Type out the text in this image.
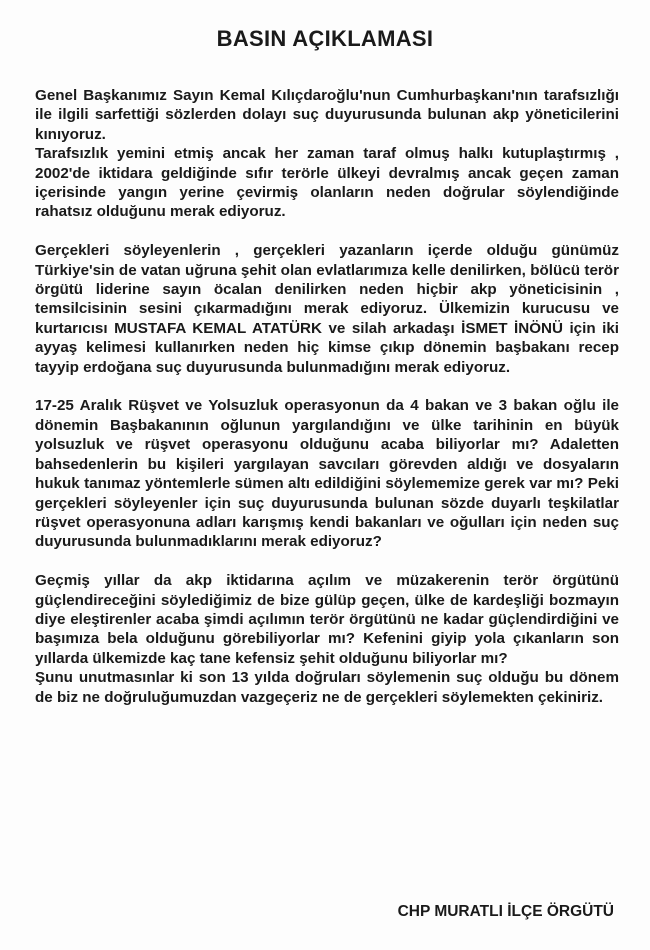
BASIN AÇIKLAMASI

Genel Başkanımız Sayın Kemal Kılıçdaroğlu'nun Cumhurbaşkanı'nın tarafsızlığı ile ilgili sarfettiği sözlerden dolayı suç duyurusunda bulunan akp yöneticilerini kınıyoruz.

Tarafsızlık yemini etmiş ancak her zaman taraf olmuş halkı kutuplaştırmış , 2002'de iktidara geldiğinde sıfır terörle ülkeyi devralmış ancak geçen zaman içerisinde yangın yerine çevirmiş olanların neden doğrular söylendiğinde rahatsız olduğunu merak ediyoruz.

Gerçekleri söyleyenlerin , gerçekleri yazanların içerde olduğu günümüz Türkiye'sin de vatan uğruna şehit olan evlatlarımıza kelle denilirken, bölücü terör örgütü liderine sayın öcalan denilirken neden hiçbir akp yöneticisinin , temsilcisinin sesini çıkarmadığını merak ediyoruz. Ülkemizin kurucusu ve kurtarıcısı MUSTAFA KEMAL ATATÜRK ve silah arkadaşı İSMET İNÖNÜ için iki ayyaş kelimesi kullanırken neden hiç kimse çıkıp dönemin başbakanı recep tayyip erdoğana suç duyurusunda bulunmadığını merak ediyoruz.

17-25 Aralık Rüşvet ve Yolsuzluk operasyonun da 4 bakan ve 3 bakan oğlu ile dönemin Başbakanının oğlunun yargılandığını ve ülke tarihinin en büyük yolsuzluk ve rüşvet operasyonu olduğunu acaba biliyorlar mı? Adaletten bahsedenlerin bu kişileri yargılayan savcıları görevden aldığı ve dosyaların hukuk tanımaz yöntemlerle sümen altı edildiğini söylememize gerek var mı? Peki gerçekleri söyleyenler için suç duyurusunda bulunan sözde duyarlı teşkilatlar rüşvet operasyonuna adları karışmış kendi bakanları ve oğulları için neden suç duyurusunda bulunmadıklarını merak ediyoruz?

Geçmiş yıllar da akp iktidarına açılım ve müzakerenin terör örgütünü güçlendireceğini söylediğimiz de bize gülüp geçen, ülke de kardeşliği bozmayın diye eleştirenler acaba şimdi açılımın terör örgütünü ne kadar güçlendirdiğini ve başımıza bela olduğunu görebiliyorlar mı? Kefenini giyip yola çıkanların son yıllarda ülkemizde kaç tane kefensiz şehit olduğunu biliyorlar mı?

Şunu unutmasınlar ki son 13 yılda doğruları söylemenin suç olduğu bu dönem de biz ne doğruluğumuzdan vazgeçeriz ne de gerçekleri söylemekten çekiniriz.

CHP MURATLI İLÇE ÖRGÜTÜ
